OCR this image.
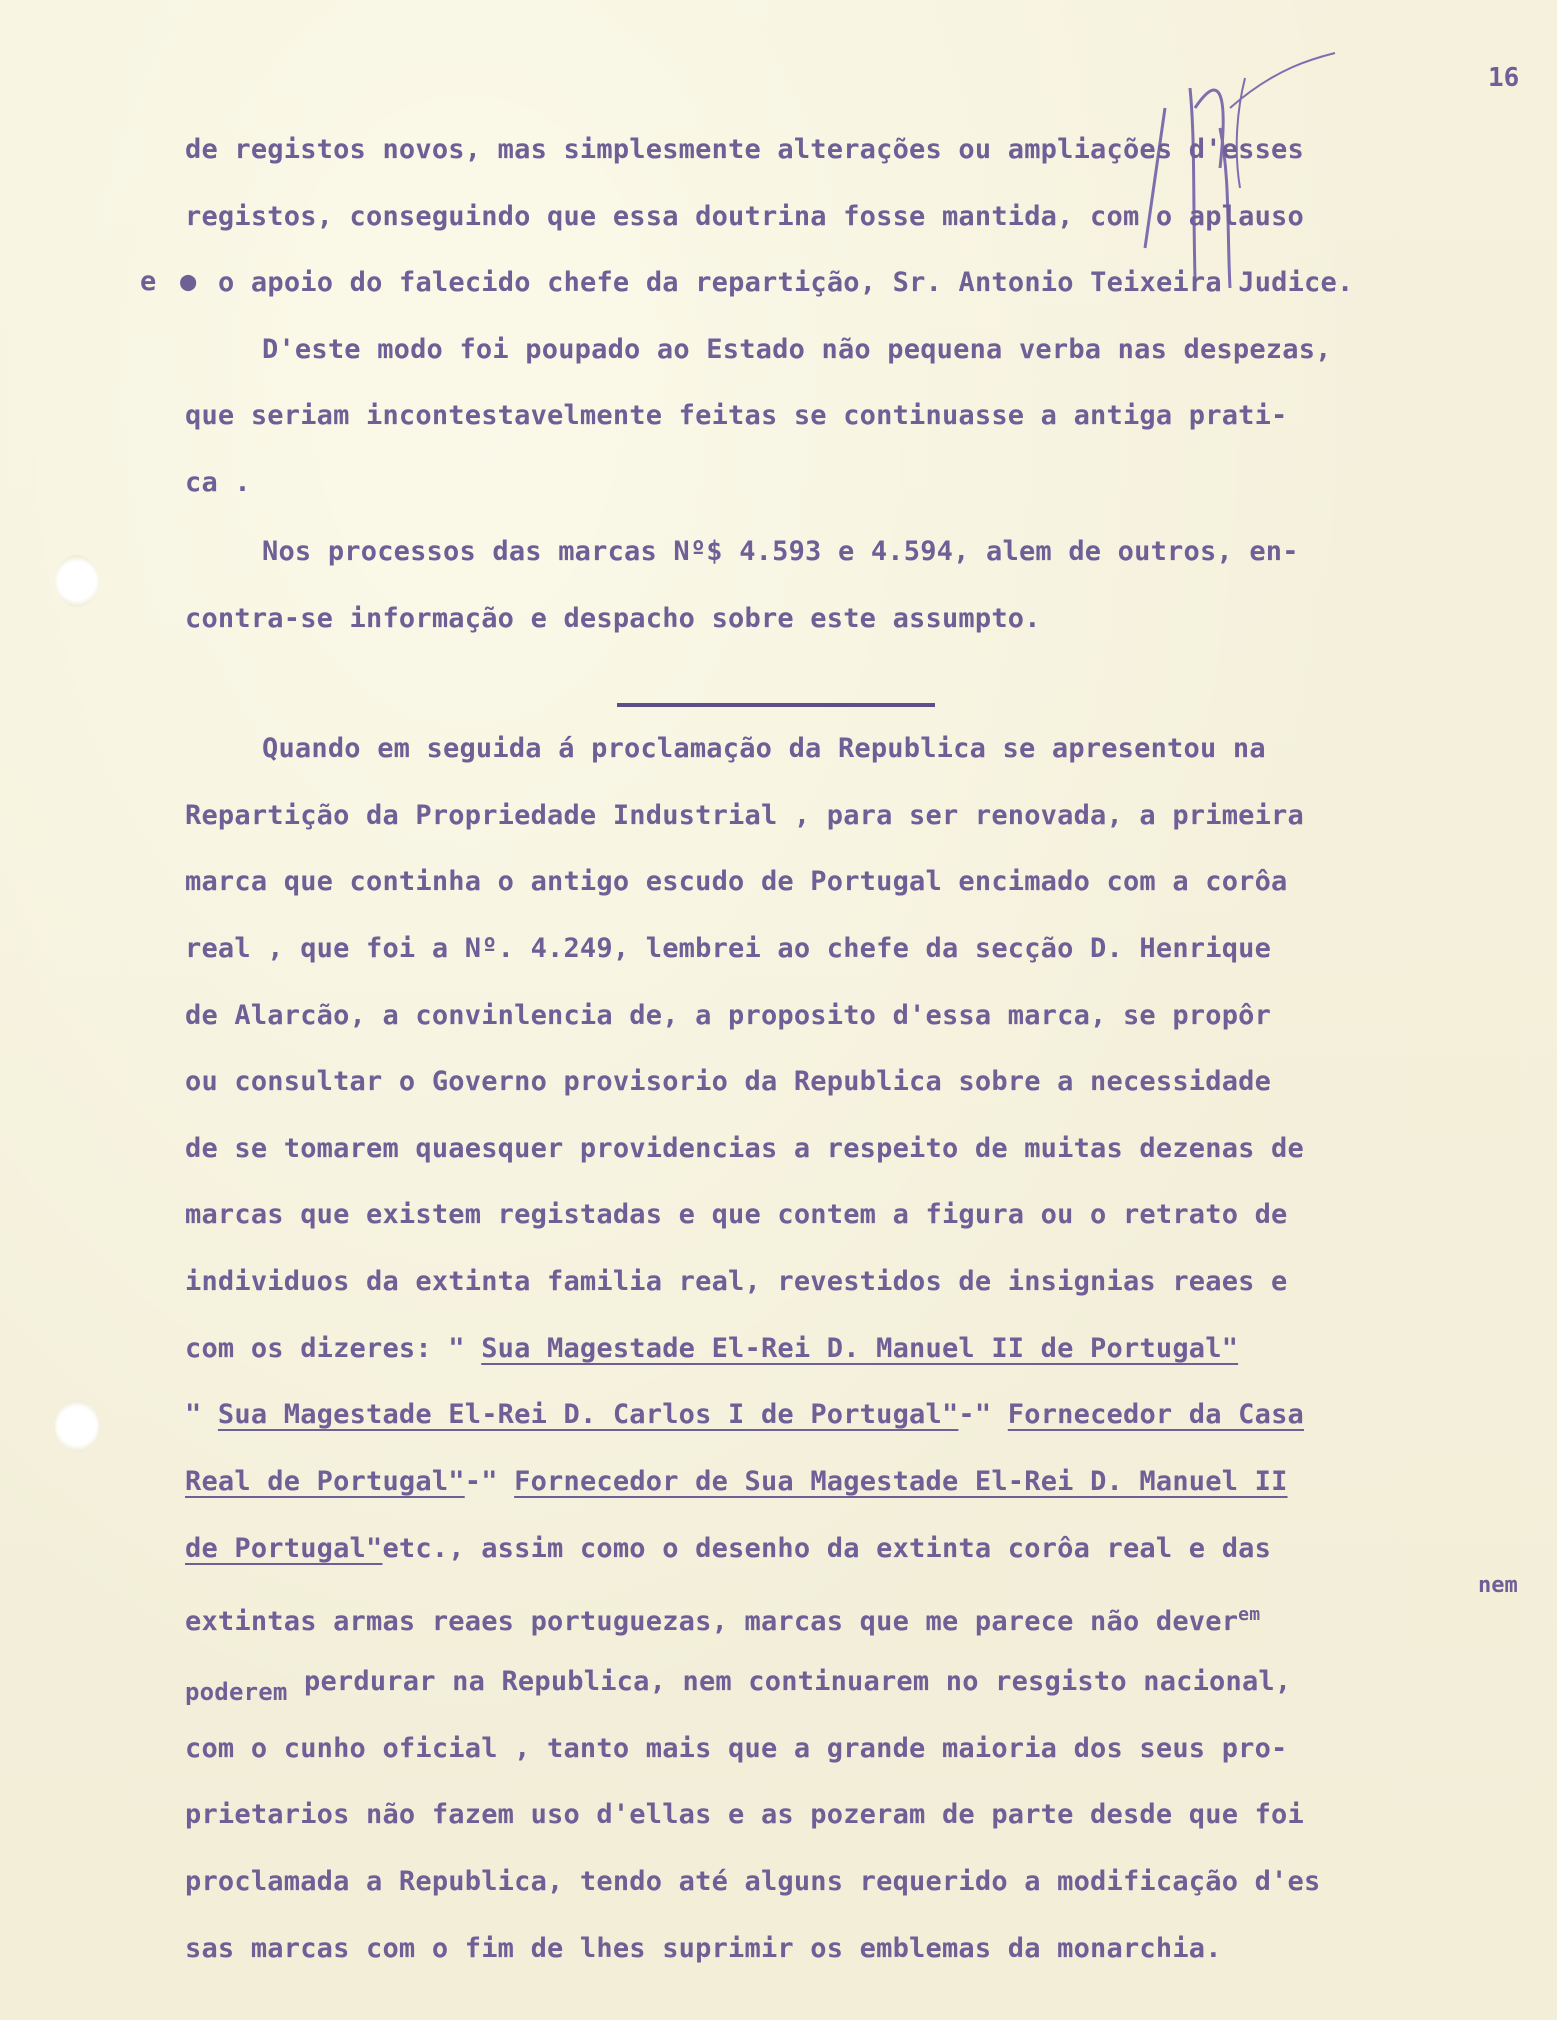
16
e ●
de registos novos, mas simplesmente alterações ou ampliações d'esses
registos, conseguindo que essa doutrina fosse mantida, com o aplauso
o apoio do falecido chefe da repartição, Sr. Antonio Teixeira Judice.
D'este modo foi poupado ao Estado não pequena verba nas despezas,
que seriam incontestavelmente feitas se continuasse a antiga prati-
ca .
Nos processos das marcas Nº$ 4.593 e 4.594, alem de outros, en-
contra-se informação e despacho sobre este assumpto.
Quando em seguida á proclamação da Republica se apresentou na
Repartição da Propriedade Industrial , para ser renovada, a primeira
marca que continha o antigo escudo de Portugal encimado com a corôa
real , que foi a Nº. 4.249, lembrei ao chefe da secção D. Henrique
de Alarcão, a convinlencia de, a proposito d'essa marca, se propôr
ou consultar o Governo provisorio da Republica sobre a necessidade
de se tomarem quaesquer providencias a respeito de muitas dezenas de
marcas que existem registadas e que contem a figura ou o retrato de
individuos da extinta familia real, revestidos de insignias reaes e
com os dizeres: " Sua Magestade El-Rei D. Manuel II de Portugal"
" Sua Magestade El-Rei D. Carlos I de Portugal"-" Fornecedor da Casa
Real de Portugal"-" Fornecedor de Sua Magestade El-Rei D. Manuel II
de Portugal"etc., assim como o desenho da extinta corôa real e das
nem
extintas armas reaes portuguezas, marcas que me parece não dever$^{em}$
poderem perdurar na Republica, nem continuarem no resgisto nacional,
com o cunho oficial , tanto mais que a grande maioria dos seus pro-
prietarios não fazem uso d'ellas e as pozeram de parte desde que foi
proclamada a Republica, tendo até alguns requerido a modificação d'es
sas marcas com o fim de lhes suprimir os emblemas da monarchia.
